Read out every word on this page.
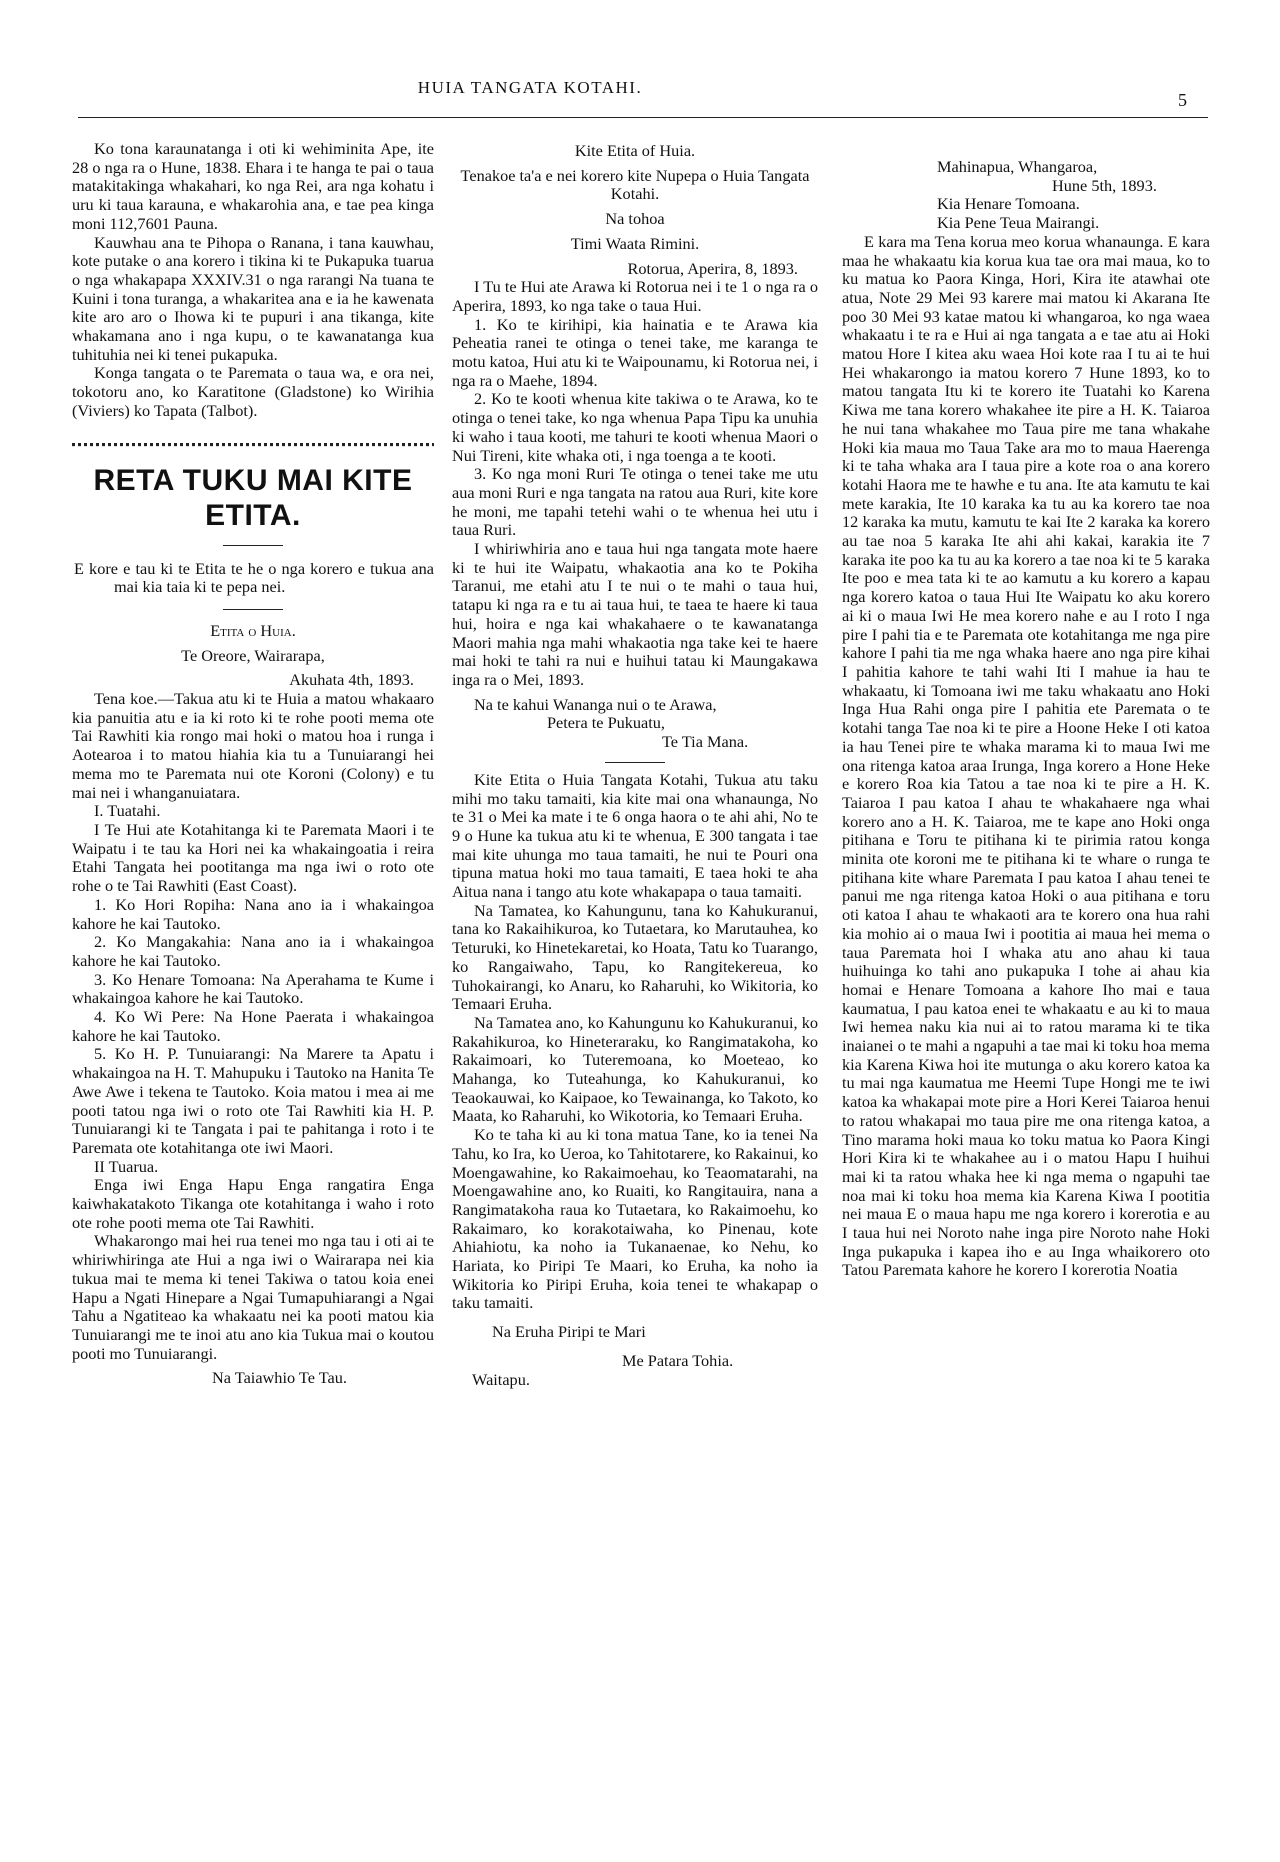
HUIA TANGATA KOTAHI.
5

Ko tona karaunatanga i oti ki wehiminita Ape, ite 28 o nga ra o Hune, 1838. Ehara i te hanga te pai o taua matakitakinga whakahari, ko nga Rei, ara nga kohatu i uru ki taua karauna, e whakarohia ana, e tae pea kinga moni 112,7601 Pauna.

Kauwhau ana te Pihopa o Ranana, i tana kauwhau, kote putake o ana korero i tikina ki te Pukapuka tuarua o nga whakapapa XXXIV.31 o nga rarangi Na tuana te Kuini i tona turanga, a whakaritea ana e ia he kawenata kite aro aro o Ihowa ki te pupuri i ana tikanga, kite whakamana ano i nga kupu, o te kawanatanga kua tuhituhia nei ki tenei pukapuka.

Konga tangata o te Paremata o taua wa, e ora nei, tokotoru ano, ko Karatitone (Gladstone) ko Wirihia (Viviers) ko Tapata (Talbot).

RETA TUKU MAI KITE ETITA.
E kore e tau ki te Etita te he o nga korero e tukua ana mai kia taia ki te pepa nei.

Etita o Huia.

Te Oreore, Wairarapa,

Akuhata 4th, 1893.

Tena koe.—Takua atu ki te Huia a matou whakaaro kia panuitia atu e ia ki roto ki te rohe pooti mema ote Tai Rawhiti kia rongo mai hoki o matou hoa i runga i Aotearoa i to matou hiahia kia tu a Tunuiarangi hei mema mo te Paremata nui ote Koroni (Colony) e tu mai nei i whanganuiatara.

I. Tuatahi.

I Te Hui ate Kotahitanga ki te Paremata Maori i te Waipatu i te tau ka Hori nei ka whakaingoatia i reira Etahi Tangata hei pootitanga ma nga iwi o roto ote rohe o te Tai Rawhiti (East Coast).

1. Ko Hori Ropiha: Nana ano ia i whakaingoa kahore he kai Tautoko.

2. Ko Mangakahia: Nana ano ia i whakaingoa kahore he kai Tautoko.

3. Ko Henare Tomoana: Na Aperahama te Kume i whakaingoa kahore he kai Tautoko.

4. Ko Wi Pere: Na Hone Paerata i whakaingoa kahore he kai Tautoko.

5. Ko H. P. Tunuiarangi: Na Marere ta Apatu i whakaingoa na H. T. Mahupuku i Tautoko na Hanita Te Awe Awe i tekena te Tautoko. Koia matou i mea ai me pooti tatou nga iwi o roto ote Tai Rawhiti kia H. P. Tunuiarangi ki te Tangata i pai te pahitanga i roto i te Paremata ote kotahitanga ote iwi Maori.

II Tuarua.

Enga iwi Enga Hapu Enga rangatira Enga kaiwhakatakoto Tikanga ote kotahitanga i waho i roto ote rohe pooti mema ote Tai Rawhiti.

Whakarongo mai hei rua tenei mo nga tau i oti ai te whiriwhiringa ate Hui a nga iwi o Wairarapa nei kia tukua mai te mema ki tenei Takiwa o tatou koia enei Hapu a Ngati Hinepare a Ngai Tumapuhiarangi a Ngai Tahu a Ngatiteao ka whakaatu nei ka pooti matou kia Tunuiarangi me te inoi atu ano kia Tukua mai o koutou pooti mo Tunuiarangi.

Na Taiawhio Te Tau.

Kite Etita of Huia.

Tenakoe ta'a e nei korero kite Nupepa o Huia Tangata Kotahi.

Na tohoa

Timi Waata Rimini.

Rotorua, Aperira, 8, 1893.

I Tu te Hui ate Arawa ki Rotorua nei i te 1 o nga ra o Aperira, 1893, ko nga take o taua Hui.

1. Ko te kirihipi, kia hainatia e te Arawa kia Peheatia ranei te otinga o tenei take, me karanga te motu katoa, Hui atu ki te Waipounamu, ki Rotorua nei, i nga ra o Maehe, 1894.

2. Ko te kooti whenua kite takiwa o te Arawa, ko te otinga o tenei take, ko nga whenua Papa Tipu ka unuhia ki waho i taua kooti, me tahuri te kooti whenua Maori o Nui Tireni, kite whaka oti, i nga toenga a te kooti.

3. Ko nga moni Ruri Te otinga o tenei take me utu aua moni Ruri e nga tangata na ratou aua Ruri, kite kore he moni, me tapahi tetehi wahi o te whenua hei utu i taua Ruri.

I whiriwhiria ano e taua hui nga tangata mote haere ki te hui ite Waipatu, whakaotia ana ko te Pokiha Taranui, me etahi atu I te nui o te mahi o taua hui, tatapu ki nga ra e tu ai taua hui, te taea te haere ki taua hui, hoira e nga kai whakahaere o te kawanatanga Maori mahia nga mahi whakaotia nga take kei te haere mai hoki te tahi ra nui e huihui tatau ki Maungakawa inga ra o Mei, 1893.

Na te kahui Wananga nui o te Arawa,

Petera te Pukuatu,

Te Tia Mana.

Kite Etita o Huia Tangata Kotahi, Tukua atu taku mihi mo taku tamaiti, kia kite mai ona whanaunga, No te 31 o Mei ka mate i te 6 onga haora o te ahi ahi, No te 9 o Hune ka tukua atu ki te whenua, E 300 tangata i tae mai kite uhunga mo taua tamaiti, he nui te Pouri ona tipuna matua hoki mo taua tamaiti, E taea hoki te aha Aitua nana i tango atu kote whakapapa o taua tamaiti.

Na Tamatea, ko Kahungunu, tana ko Kahukuranui, tana ko Rakaihikuroa, ko Tutaetara, ko Marutauhea, ko Teturuki, ko Hinetekaretai, ko Hoata, Tatu ko Tuarango, ko Rangaiwaho, Tapu, ko Rangitekereua, ko Tuhokairangi, ko Anaru, ko Raharuhi, ko Wikitoria, ko Temaari Eruha.

Na Tamatea ano, ko Kahungunu ko Kahukuranui, ko Rakahikuroa, ko Hineteraraku, ko Rangimatakoha, ko Rakaimoari, ko Tuteremoana, ko Moeteao, ko Mahanga, ko Tuteahunga, ko Kahukuranui, ko Teaokauwai, ko Kaipaoe, ko Tewainanga, ko Takoto, ko Maata, ko Raharuhi, ko Wikotoria, ko Temaari Eruha.

Ko te taha ki au ki tona matua Tane, ko ia tenei Na Tahu, ko Ira, ko Ueroa, ko Tahitotarere, ko Rakainui, ko Moengawahine, ko Rakaimoehau, ko Teaomatarahi, na Moengawahine ano, ko Ruaiti, ko Rangitauira, nana a Rangimatakoha raua ko Tutaetara, ko Rakaimoehu, ko Rakaimaro, ko korakotaiwaha, ko Pinenau, kote Ahiahiotu, ka noho ia Tukanaenae, ko Nehu, ko Hariata, ko Piripi Te Maari, ko Eruha, ka noho ia Wikitoria ko Piripi Eruha, koia tenei te whakapap o taku tamaiti.

Na Eruha Piripi te Mari

Me Patara Tohia.

Waitapu.

Mahinapua, Whangaroa,

Hune 5th, 1893.

Kia Henare Tomoana.

Kia Pene Teua Mairangi.

E kara ma Tena korua meo korua whanaunga. E kara maa he whakaatu kia korua kua tae ora mai maua, ko to ku matua ko Paora Kinga, Hori, Kira ite atawhai ote atua, Note 29 Mei 93 karere mai matou ki Akarana Ite poo 30 Mei 93 katae matou ki whangaroa, ko nga waea whakaatu i te ra e Hui ai nga tangata a e tae atu ai Hoki matou Hore I kitea aku waea Hoi kote raa I tu ai te hui Hei whakarongo ia matou korero 7 Hune 1893, ko to matou tangata Itu ki te korero ite Tuatahi ko Karena Kiwa me tana korero whakahee ite pire a H. K. Taiaroa he nui tana whakahee mo Taua pire me tana whakahe Hoki kia maua mo Taua Take ara mo to maua Haerenga ki te taha whaka ara I taua pire a kote roa o ana korero kotahi Haora me te hawhe e tu ana. Ite ata kamutu te kai mete karakia, Ite 10 karaka ka tu au ka korero tae noa 12 karaka ka mutu, kamutu te kai Ite 2 karaka ka korero au tae noa 5 karaka Ite ahi ahi kakai, karakia ite 7 karaka ite poo ka tu au ka korero a tae noa ki te 5 karaka Ite poo e mea tata ki te ao kamutu a ku korero a kapau nga korero katoa o taua Hui Ite Waipatu ko aku korero ai ki o maua Iwi He mea korero nahe e au I roto I nga pire I pahi tia e te Paremata ote kotahitanga me nga pire kahore I pahi tia me nga whaka haere ano nga pire kihai I pahitia kahore te tahi wahi Iti I mahue ia hau te whakaatu, ki Tomoana iwi me taku whakaatu ano Hoki Inga Hua Rahi onga pire I pahitia ete Paremata o te kotahi tanga Tae noa ki te pire a Hoone Heke I oti katoa ia hau Tenei pire te whaka marama ki to maua Iwi me ona ritenga katoa araa Irunga, Inga korero a Hone Heke e korero Roa kia Tatou a tae noa ki te pire a H. K. Taiaroa I pau katoa I ahau te whakahaere nga whai korero ano a H. K. Taiaroa, me te kape ano Hoki onga pitihana e Toru te pitihana ki te pirimia ratou konga minita ote koroni me te pitihana ki te whare o runga te pitihana kite whare Paremata I pau katoa I ahau tenei te panui me nga ritenga katoa Hoki o aua pitihana e toru oti katoa I ahau te whakaoti ara te korero ona hua rahi kia mohio ai o maua Iwi i pootitia ai maua hei mema o taua Paremata hoi I whaka atu ano ahau ki taua huihuinga ko tahi ano pukapuka I tohe ai ahau kia homai e Henare Tomoana a kahore Iho mai e taua kaumatua, I pau katoa enei te whakaatu e au ki to maua Iwi hemea naku kia nui ai to ratou marama ki te tika inaianei o te mahi a ngapuhi a tae mai ki toku hoa mema kia Karena Kiwa hoi ite mutunga o aku korero katoa ka tu mai nga kaumatua me Heemi Tupe Hongi me te iwi katoa ka whakapai mote pire a Hori Kerei Taiaroa henui to ratou whakapai mo taua pire me ona ritenga katoa, a Tino marama hoki maua ko toku matua ko Paora Kingi Hori Kira ki te whakahee au i o matou Hapu I huihui mai ki ta ratou whaka hee ki nga mema o ngapuhi tae noa mai ki toku hoa mema kia Karena Kiwa I pootitia nei maua E o maua hapu me nga korero i korerotia e au I taua hui nei Noroto nahe inga pire Noroto nahe Hoki Inga pukapuka i kapea iho e au Inga whaikorero oto Tatou Paremata kahore he korero I korerotia Noatia
